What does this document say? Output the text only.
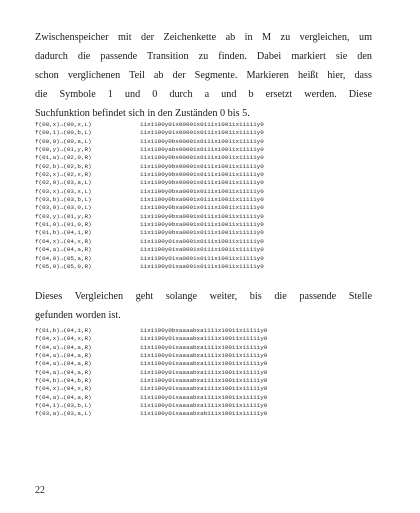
Zwischenspeicher mit der Zeichenkette ab in M zu vergleichen, um
dadurch die passende Transition zu finden. Dabei markiert sie den
schon verglichenen Teil ab der Segmente. Markieren heißt hier, dass
die Symbole 1 und 0 durch a und b ersetzt werden. Diese
Suchfunktion befindet sich in den Zuständen 0 bis 5.
f(00,x)→(00,x,L)	11x1100y01x00001x0111x10011x11111y0
f(00,1)→(00,b,L)	11x1100y01x00001x0111x10011x11111y0
f(00,0)→(00,a,L)	11x1100y0bx00001x0111x10011x11111y0
f(00,y)→(01,y,R)	11x1100yabx00001x0111x10011x11111y0
f(01,a)→(02,0,R)	11x1100y0bx00001x0111x10011x11111y0
f(02,b)→(02,b,R)	11x1100y0bx00001x0111x10011x11111y0
f(02,x)→(02,x,R)	11x1100y0bx00001x0111x10011x11111y0
f(02,0)→(03,a,L)	11x1100y0bx00001x0111x10011x11111y0
f(03,x)→(03,x,L)	11x1100y0bxa0001x0111x10011x11111y0
f(03,b)→(03,b,L)	11x1100y0bxa0001x0111x10011x11111y0
f(03,0)→(03,0,L)	11x1100y0bxa0001x0111x10011x11111y0
f(03,y)→(01,y,R)	11x1100y0bxa0001x0111x10011x11111y0
f(01,0)→(01,0,R)	11x1100y0bxa0001x0111x10011x11111y0
f(01,b)→(04,1,R)	11x1100y0bxa0001x0111x10011x11111y0
f(04,x)→(04,x,R)	11x1100y01xa0001x0111x10011x11111y0
f(04,a)→(04,a,R)	11x1100y01xa0001x0111x10011x11111y0
f(04,0)→(05,a,R)	11x1100y01xa0001x0111x10011x11111y0
f(05,0)→(05,0,R)	11x1100y01xaa001x0111x10011x11111y0
Dieses Vergleichen geht solange weiter, bis die passende Stelle
gefunden worden ist.
f(01,b)→(04,1,R)	11x1100y0bxaaaabxa1111x10011x11111y0
f(04,x)→(04,x,R)	11x1100y01xaaaabxa1111x10011x11111y0
f(04,a)→(04,a,R)	11x1100y01xaaaabxa1111x10011x11111y0
f(04,a)→(04,a,R)	11x1100y01xaaaabxa1111x10011x11111y0
f(04,a)→(04,a,R)	11x1100y01xaaaabxa1111x10011x11111y0
f(04,a)→(04,a,R)	11x1100y01xaaaabxa1111x10011x11111y0
f(04,b)→(04,b,R)	11x1100y01xaaaabxa1111x10011x11111y0
f(04,x)→(04,x,R)	11x1100y01xaaaabxa1111x10011x11111y0
f(04,a)→(04,a,R)	11x1100y01xaaaabxa1111x10011x11111y0
f(04,1)→(03,b,L)	11x1100y01xaaaabxa1111x10011x11111y0
f(03,a)→(03,a,L)	11x1100y01xaaaabxab111x10011x11111y0

22
